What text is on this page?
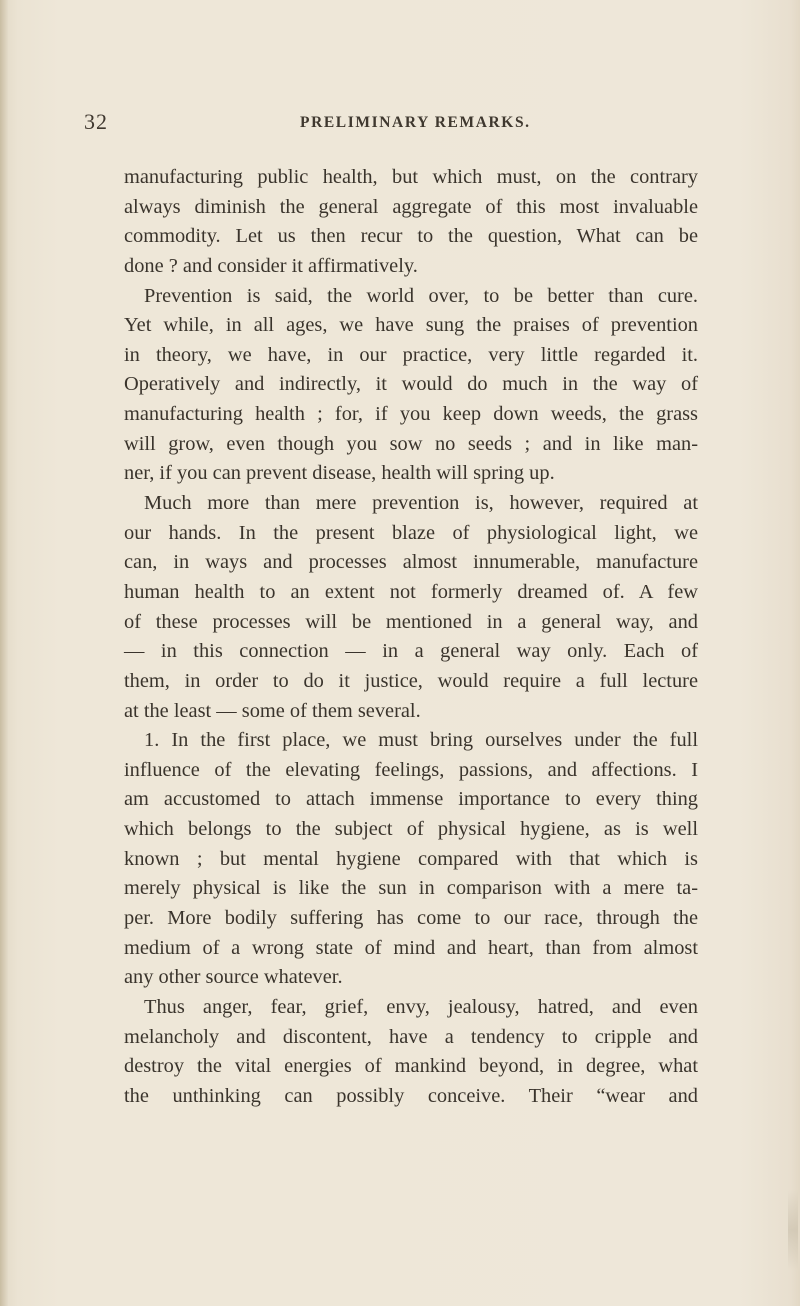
32	PRELIMINARY REMARKS.
manufacturing public health, but which must, on the contrary
always diminish the general aggregate of this most invaluable
commodity. Let us then recur to the question, What can be
done ? and consider it affirmatively.
Prevention is said, the world over, to be better than cure.
Yet while, in all ages, we have sung the praises of prevention
in theory, we have, in our practice, very little regarded it.
Operatively and indirectly, it would do much in the way of
manufacturing health ; for, if you keep down weeds, the grass
will grow, even though you sow no seeds ; and in like man-
ner, if you can prevent disease, health will spring up.
Much more than mere prevention is, however, required at
our hands. In the present blaze of physiological light, we
can, in ways and processes almost innumerable, manufacture
human health to an extent not formerly dreamed of. A few
of these processes will be mentioned in a general way, and
— in this connection — in a general way only. Each of
them, in order to do it justice, would require a full lecture
at the least — some of them several.
1. In the first place, we must bring ourselves under the full
influence of the elevating feelings, passions, and affections. I
am accustomed to attach immense importance to every thing
which belongs to the subject of physical hygiene, as is well
known ; but mental hygiene compared with that which is
merely physical is like the sun in comparison with a mere ta-
per. More bodily suffering has come to our race, through the
medium of a wrong state of mind and heart, than from almost
any other source whatever.
Thus anger, fear, grief, envy, jealousy, hatred, and even
melancholy and discontent, have a tendency to cripple and
destroy the vital energies of mankind beyond, in degree, what
the unthinking can possibly conceive. Their “wear and
